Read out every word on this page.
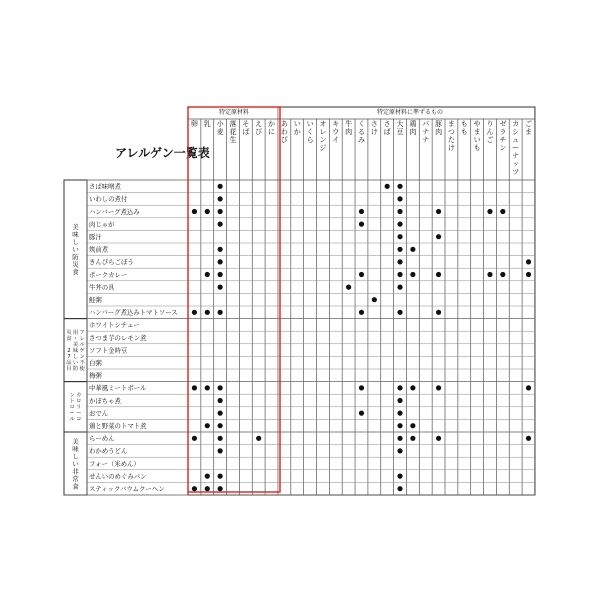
アレルゲン一覧表
特定原材料	特定原材料に準ずるもの
卵 乳 小麦
落花生
そば
えび
かに
あわび
いか
いくら
オレンジ
キウイ
牛肉
くるみ
さけ
さば
大豆
鶏肉
バナナ
豚肉
まつたけ
もも
やまいも
りんご
ゼラチン
カシューナッツ
ごま
美味しい防災食
アレルゲン不使用・美味しい防災食 2 7 品目
カロリーコントロール
美味しい非常食
さば味噌煮
いわしの煮付
ハンバーグ煮込み
肉じゃが
豚汁
筑前煮
きんぴらごぼう
ポークカレー
牛丼の具
鮭粥
ハンバーグ煮込みトマトソース
ホワイトシチュー
さつま芋のレモン煮
ソフト金時豆
白粥
梅粥
中華風ミートボール
かぼちゃ煮
おでん
鶏と野菜のトマト煮
らーめん
わかめうどん
フォー（米めん）
せんいのめぐみパン
スティックバウムクーヘン
